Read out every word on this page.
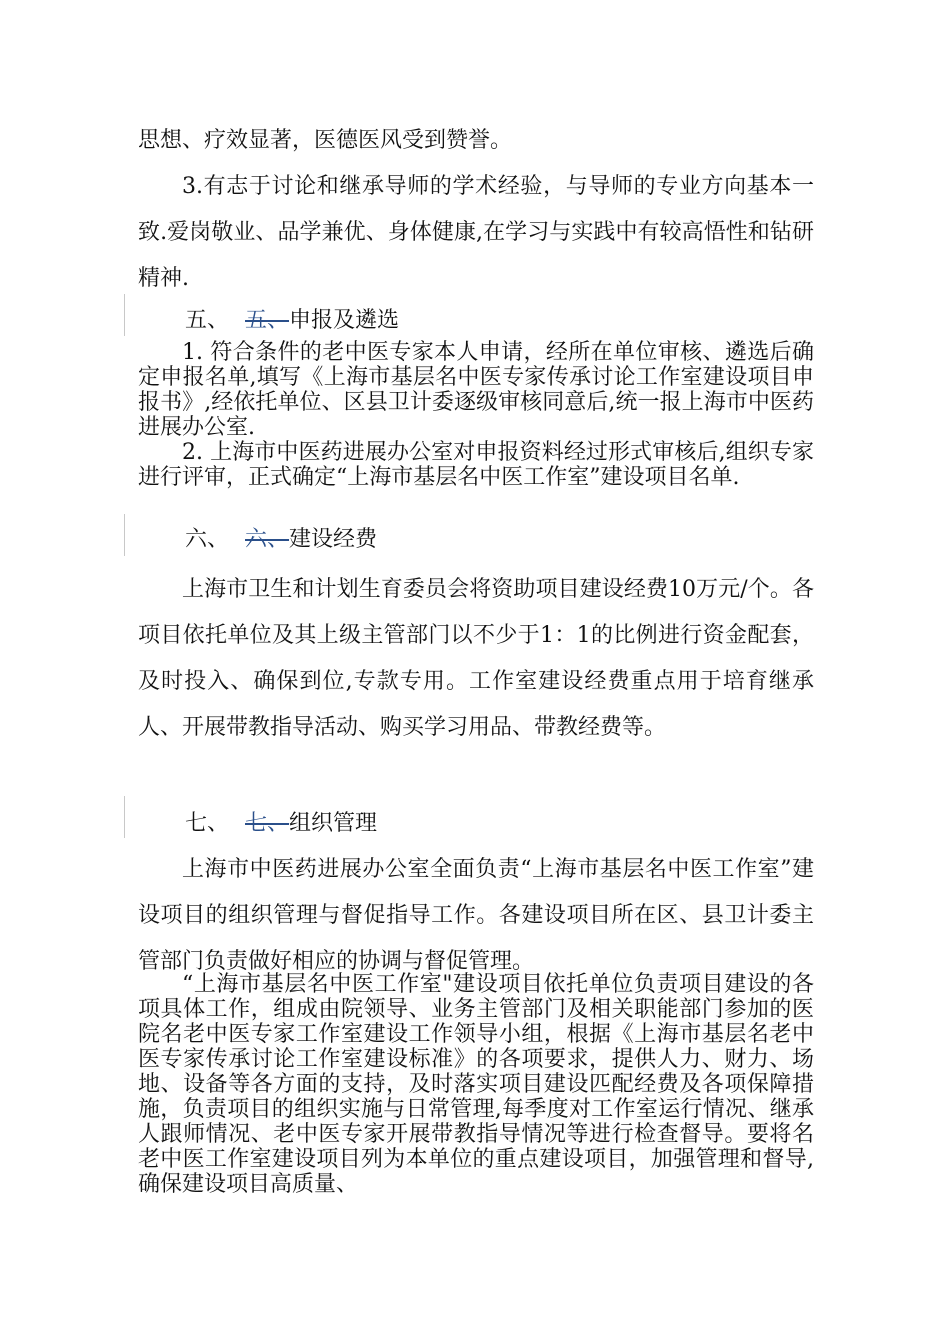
思想、疗效显著，医德医风受到赞誉。

3.有志于讨论和继承导师的学术经验，与导师的专业方向基本一致.爱岗敬业、品学兼优、身体健康,在学习与实践中有较高悟性和钻研精神.

五、 五、申报及遴选

1. 符合条件的老中医专家本人申请，经所在单位审核、遴选后确定申报名单,填写《上海市基层名中医专家传承讨论工作室建设项目申报书》,经依托单位、区县卫计委逐级审核同意后,统一报上海市中医药进展办公室.

2. 上海市中医药进展办公室对申报资料经过形式审核后,组织专家进行评审，正式确定“上海市基层名中医工作室”建设项目名单.

六、 六、建设经费

上海市卫生和计划生育委员会将资助项目建设经费10万元/个。各项目依托单位及其上级主管部门以不少于1：1的比例进行资金配套，及时投入、确保到位,专款专用。工作室建设经费重点用于培育继承人、开展带教指导活动、购买学习用品、带教经费等。

七、 七、组织管理

上海市中医药进展办公室全面负责“上海市基层名中医工作室”建设项目的组织管理与督促指导工作。各建设项目所在区、县卫计委主管部门负责做好相应的协调与督促管理。

“上海市基层名中医工作室"建设项目依托单位负责项目建设的各项具体工作，组成由院领导、业务主管部门及相关职能部门参加的医院名老中医专家工作室建设工作领导小组，根据《上海市基层名老中医专家传承讨论工作室建设标准》的各项要求，提供人力、财力、场地、设备等各方面的支持，及时落实项目建设匹配经费及各项保障措施，负责项目的组织实施与日常管理,每季度对工作室运行情况、继承人跟师情况、老中医专家开展带教指导情况等进行检查督导。要将名老中医工作室建设项目列为本单位的重点建设项目，加强管理和督导,确保建设项目高质量、
